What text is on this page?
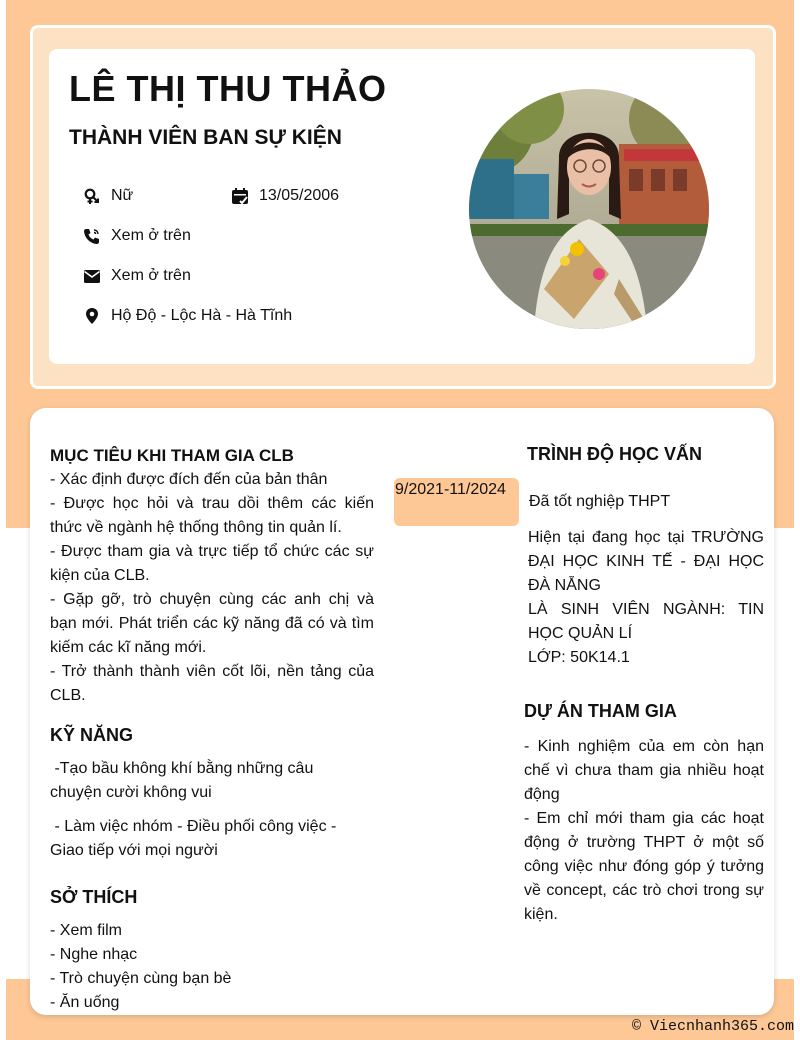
LÊ THỊ THU THẢO
THÀNH VIÊN BAN SỰ KIỆN
Nữ	13/05/2006
Xem ở trên
Xem ở trên
Hộ Độ - Lộc Hà - Hà Tĩnh
MỤC TIÊU KHI THAM GIA CLB
- Xác định được đích đến của bản thân
- Được học hỏi và trau dồi thêm các kiến thức về ngành hệ thống thông tin quản lí.
- Được tham gia và trực tiếp tổ chức các sự kiện của CLB.
- Gặp gỡ, trò chuyện cùng các anh chị và bạn mới. Phát triển các kỹ năng đã có và tìm kiếm các kĩ năng mới.
- Trở thành thành viên cốt lõi, nền tảng của CLB.
KỸ NĂNG
-Tạo bầu không khí bằng những câu chuyện cười không vui
- Làm việc nhóm - Điều phối công việc - Giao tiếp với mọi người
SỞ THÍCH
- Xem film
- Nghe nhạc
- Trò chuyện cùng bạn bè
- Ăn uống
9/2021-11/2024
TRÌNH ĐỘ HỌC VẤN
Đã tốt nghiệp THPT
Hiện tại đang học tại TRƯỜNG ĐẠI HỌC KINH TẾ - ĐẠI HỌC ĐÀ NẴNG
LÀ SINH VIÊN NGÀNH: TIN HỌC QUẢN LÍ
LỚP: 50K14.1
DỰ ÁN THAM GIA
- Kinh nghiệm của em còn hạn chế vì chưa tham gia nhiều hoạt động
- Em chỉ mới tham gia các hoạt động ở trường THPT ở một số công việc như đóng góp ý tưởng về concept, các trò chơi trong sự kiện.
© Viecnhanh365.com
